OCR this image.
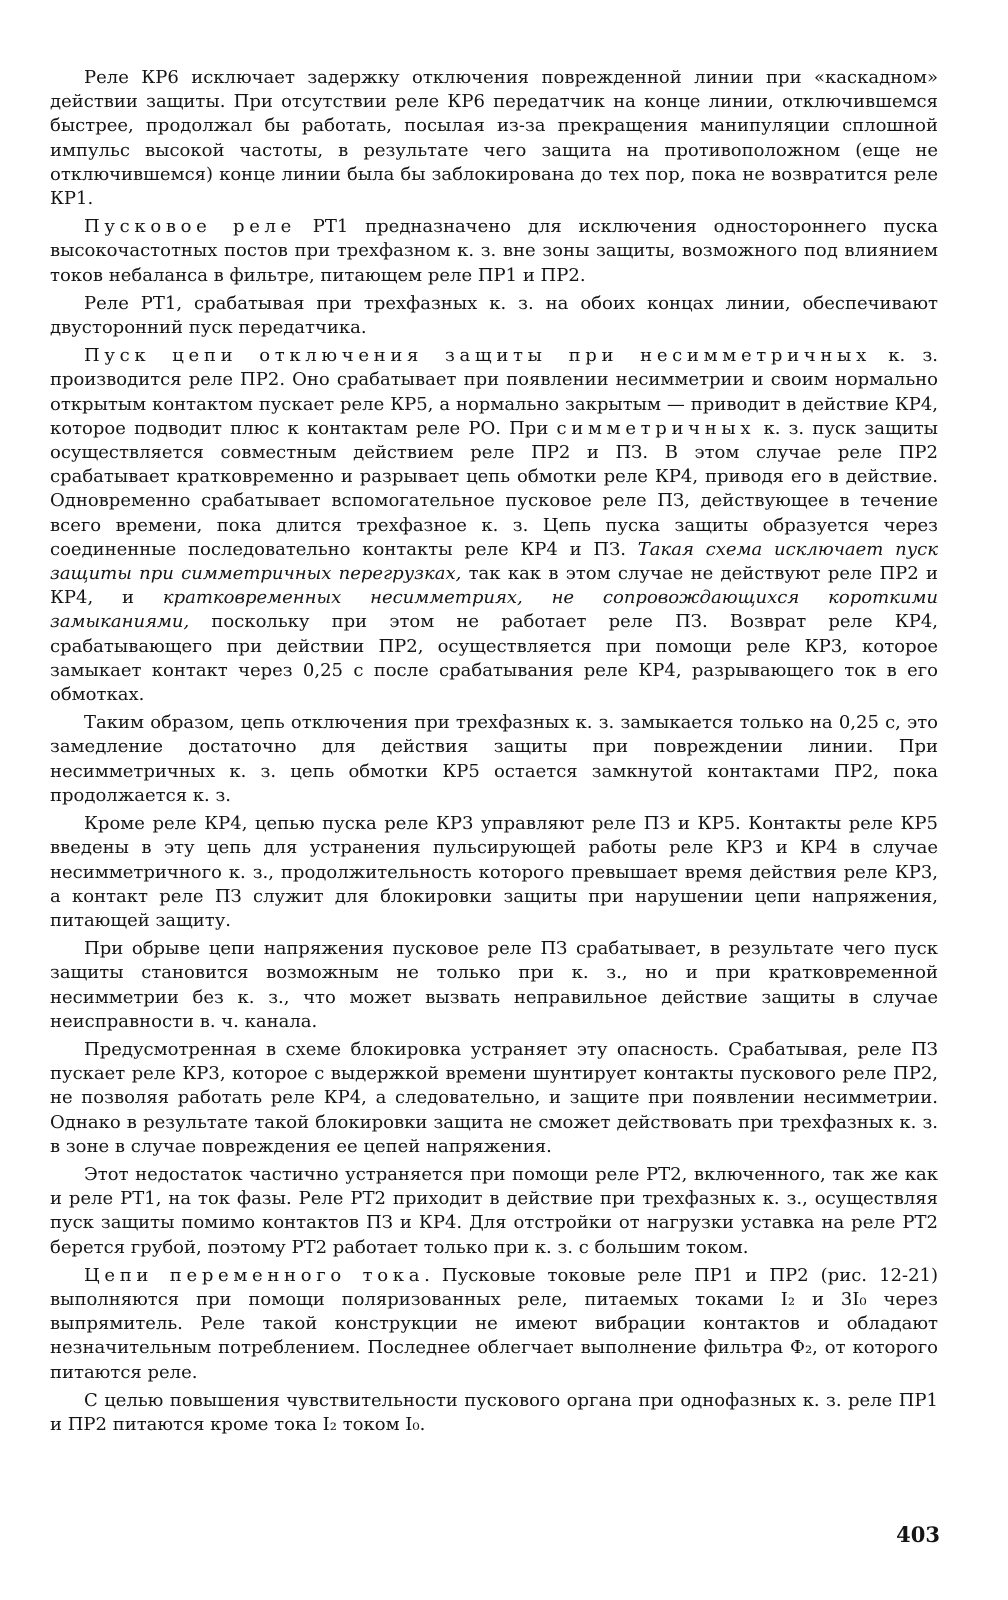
Реле КР6 исключает задержку отключения поврежденной линии при «каскадном» действии защиты. При отсутствии реле КР6 передатчик на конце линии, отключившемся быстрее, продолжал бы работать, посылая из-за прекращения манипуляции сплошной импульс высокой частоты, в результате чего защита на противоположном (еще не отключившемся) конце линии была бы заблокирована до тех пор, пока не возвратится реле КР1.

Пусковое реле РТ1 предназначено для исключения одностороннего пуска высокочастотных постов при трехфазном к. з. вне зоны защиты, возможного под влиянием токов небаланса в фильтре, питающем реле ПР1 и ПР2.

Реле РТ1, срабатывая при трехфазных к. з. на обоих концах линии, обеспечивают двусторонний пуск передатчика.

Пуск цепи отключения защиты при несимметричных к. з. производится реле ПР2. Оно срабатывает при появлении несимметрии и своим нормально открытым контактом пускает реле КР5, а нормально закрытым — приводит в действие КР4, которое подводит плюс к контактам реле РО. При симметричных к. з. пуск защиты осуществляется совместным действием реле ПР2 и ПЗ. В этом случае реле ПР2 срабатывает кратковременно и разрывает цепь обмотки реле КР4, приводя его в действие. Одновременно срабатывает вспомогательное пусковое реле ПЗ, действующее в течение всего времени, пока длится трехфазное к. з. Цепь пуска защиты образуется через соединенные последовательно контакты реле КР4 и ПЗ. Такая схема исключает пуск защиты при симметричных перегрузках, так как в этом случае не действуют реле ПР2 и КР4, и кратковременных несимметриях, не сопровождающихся короткими замыканиями, поскольку при этом не работает реле ПЗ. Возврат реле КР4, срабатывающего при действии ПР2, осуществляется при помощи реле КР3, которое замыкает контакт через 0,25 с после срабатывания реле КР4, разрывающего ток в его обмотках.

Таким образом, цепь отключения при трехфазных к. з. замыкается только на 0,25 с, это замедление достаточно для действия защиты при повреждении линии. При несимметричных к. з. цепь обмотки КР5 остается замкнутой контактами ПР2, пока продолжается к. з.

Кроме реле КР4, цепью пуска реле КР3 управляют реле ПЗ и КР5. Контакты реле КР5 введены в эту цепь для устранения пульсирующей работы реле КР3 и КР4 в случае несимметричного к. з., продолжительность которого превышает время действия реле КР3, а контакт реле ПЗ служит для блокировки защиты при нарушении цепи напряжения, питающей защиту.

При обрыве цепи напряжения пусковое реле ПЗ срабатывает, в результате чего пуск защиты становится возможным не только при к. з., но и при кратковременной несимметрии без к. з., что может вызвать неправильное действие защиты в случае неисправности в. ч. канала.

Предусмотренная в схеме блокировка устраняет эту опасность. Срабатывая, реле ПЗ пускает реле КР3, которое с выдержкой времени шунтирует контакты пускового реле ПР2, не позволяя работать реле КР4, а следовательно, и защите при появлении несимметрии. Однако в результате такой блокировки защита не сможет действовать при трехфазных к. з. в зоне в случае повреждения ее цепей напряжения.

Этот недостаток частично устраняется при помощи реле РТ2, включенного, так же как и реле РТ1, на ток фазы. Реле РТ2 приходит в действие при трехфазных к. з., осуществляя пуск защиты помимо контактов ПЗ и КР4. Для отстройки от нагрузки уставка на реле РТ2 берется грубой, поэтому РТ2 работает только при к. з. с большим током.

Цепи переменного тока. Пусковые токовые реле ПР1 и ПР2 (рис. 12-21) выполняются при помощи поляризованных реле, питаемых токами I₂ и 3I₀ через выпрямитель. Реле такой конструкции не имеют вибрации контактов и обладают незначительным потреблением. Последнее облегчает выполнение фильтра Ф₂, от которого питаются реле.

С целью повышения чувствительности пускового органа при однофазных к. з. реле ПР1 и ПР2 питаются кроме тока I₂ током I₀.

403
